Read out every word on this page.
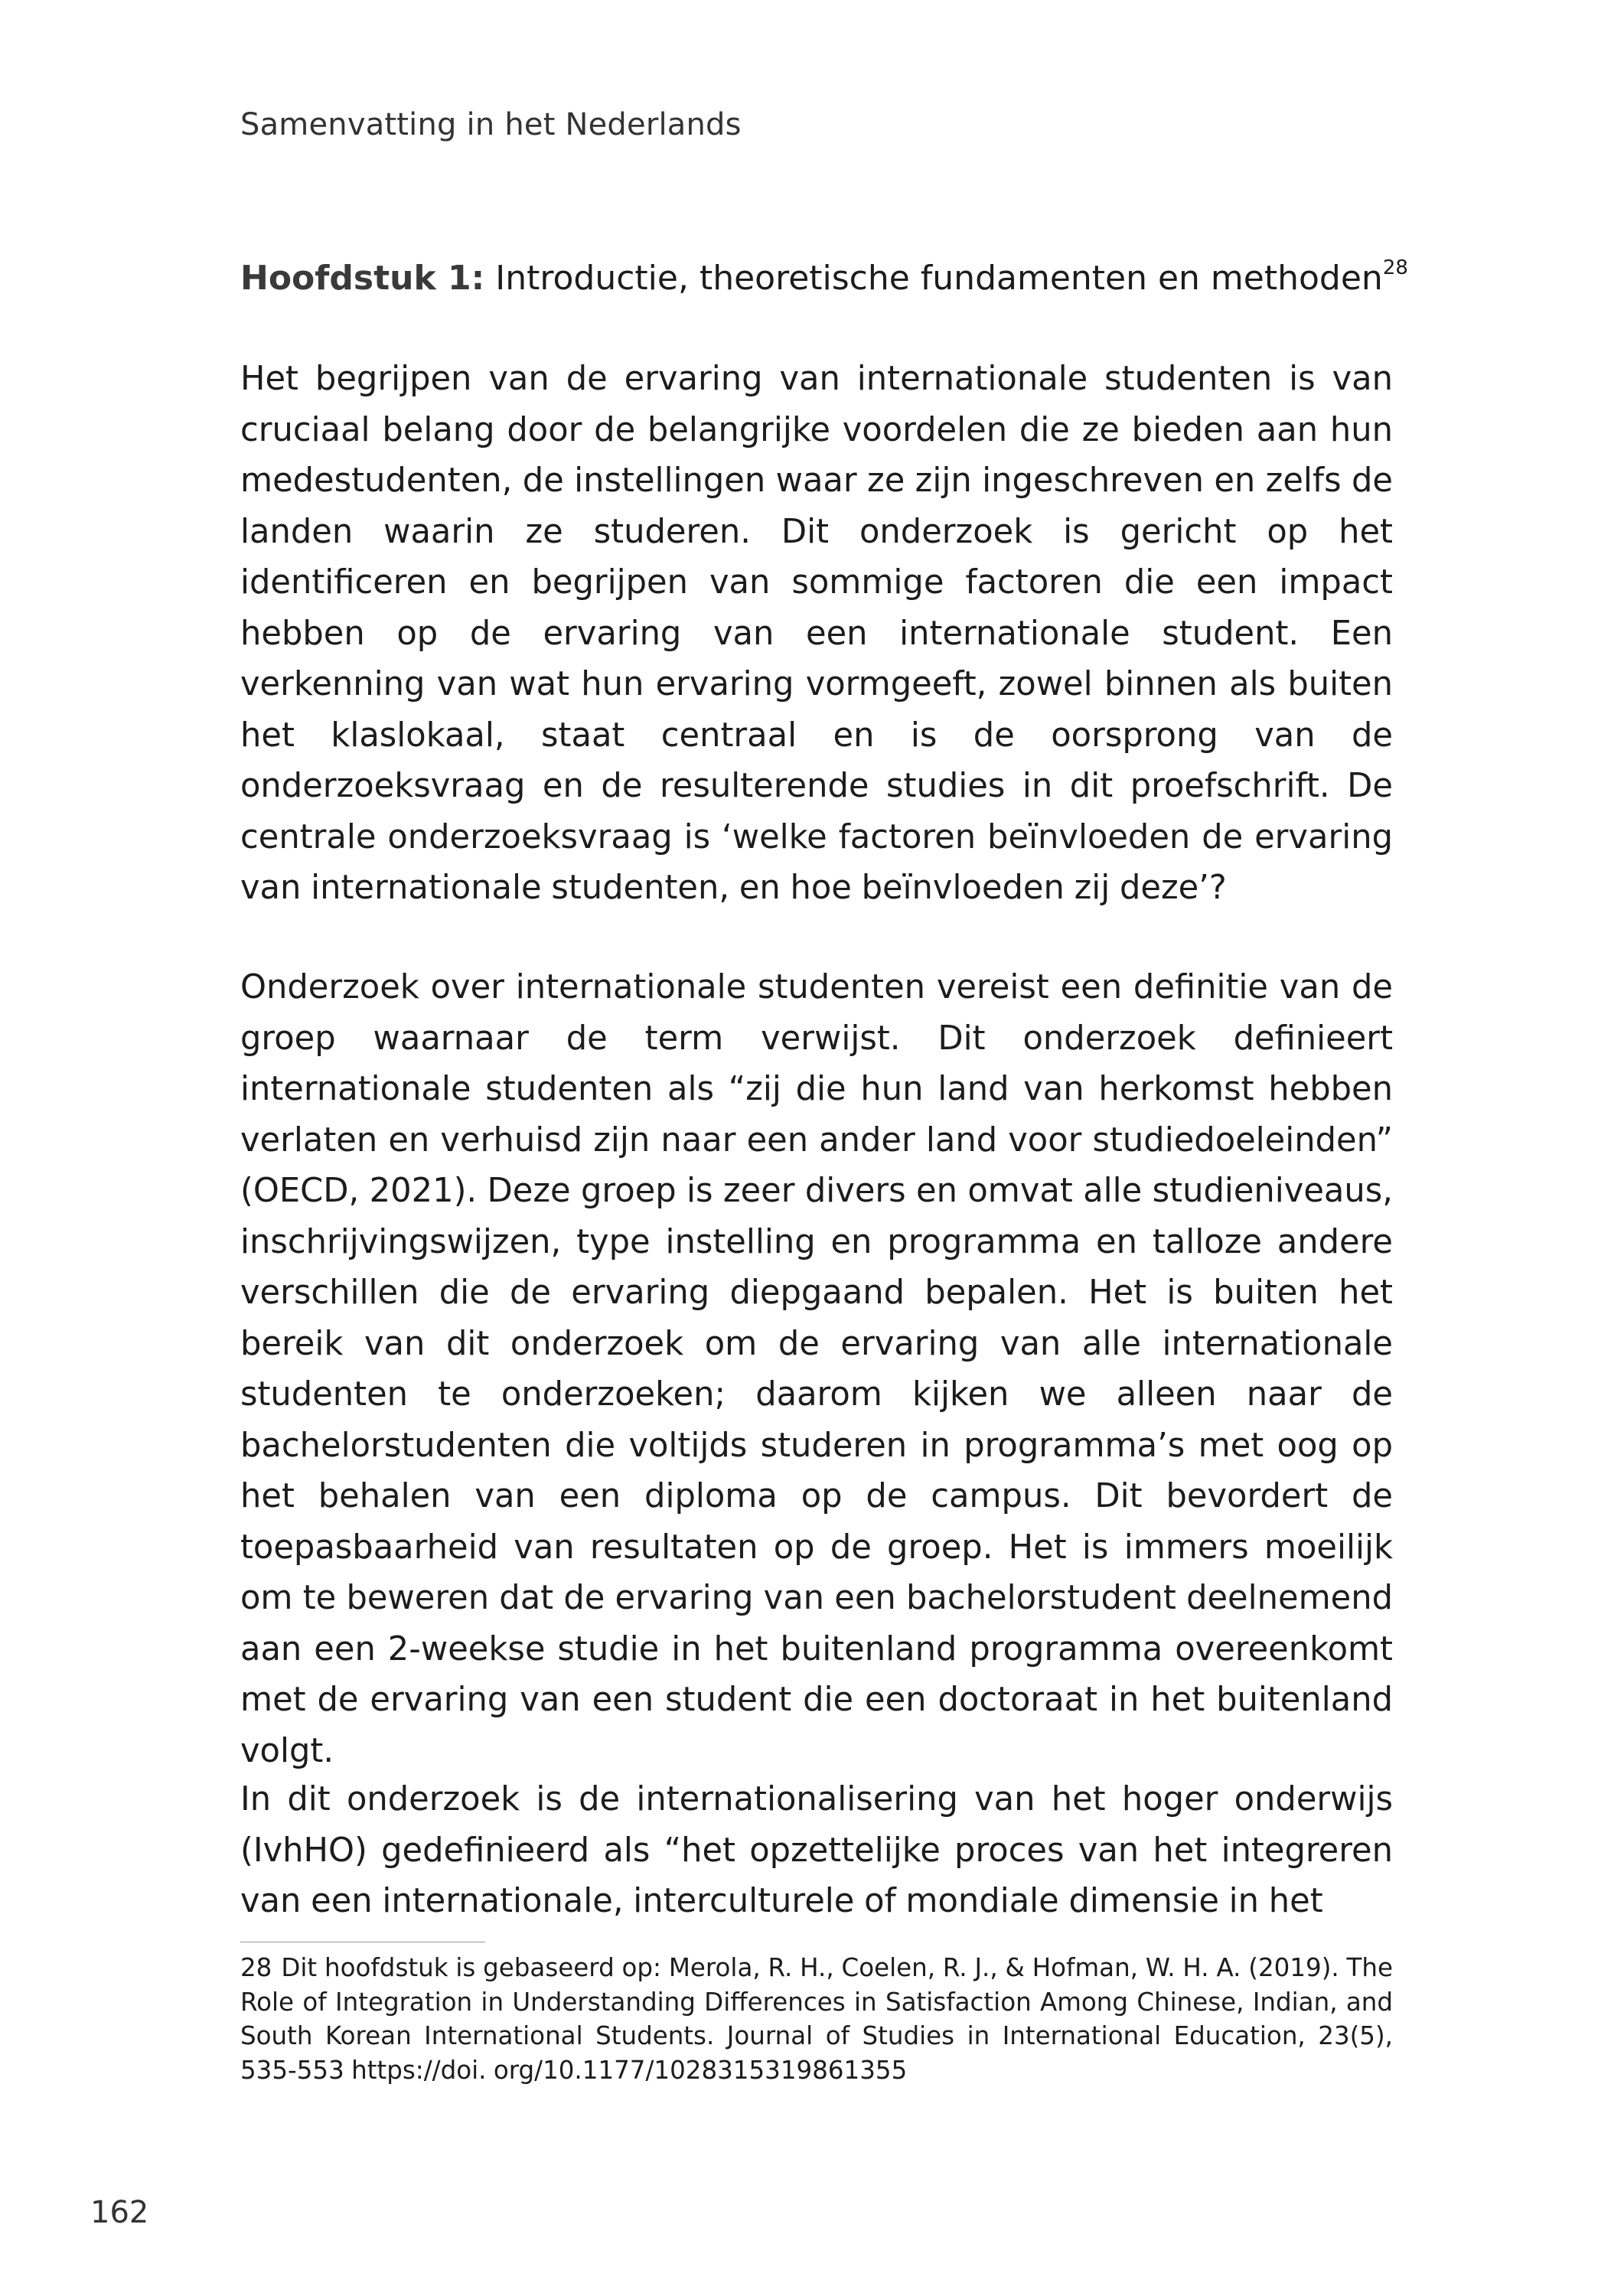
Samenvatting in het Nederlands
Hoofdstuk 1: Introductie, theoretische fundamenten en methoden$^{28}$

Het begrijpen van de ervaring van internationale studenten is van cruciaal belang door de belangrijke voordelen die ze bieden aan hun medestudenten, de instellingen waar ze zijn ingeschreven en zelfs de landen waarin ze studeren. Dit onderzoek is gericht op het identificeren en begrijpen van sommige factoren die een impact hebben op de ervaring van een internationale student. Een verkenning van wat hun ervaring vormgeeft, zowel binnen als buiten het klaslokaal, staat centraal en is de oorsprong van de onderzoeksvraag en de resulterende studies in dit proefschrift. De centrale onderzoeksvraag is ‘welke factoren beïnvloeden de ervaring van internationale studenten, en hoe beïnvloeden zij deze’?

Onderzoek over internationale studenten vereist een definitie van de groep waarnaar de term verwijst. Dit onderzoek definieert internationale studenten als “zij die hun land van herkomst hebben verlaten en verhuisd zijn naar een ander land voor studiedoeleinden” (OECD, 2021). Deze groep is zeer divers en omvat alle studieniveaus, inschrijvingswijzen, type instelling en programma en talloze andere verschillen die de ervaring diepgaand bepalen. Het is buiten het bereik van dit onderzoek om de ervaring van alle internationale studenten te onderzoeken; daarom kijken we alleen naar de bachelorstudenten die voltijds studeren in programma’s met oog op het behalen van een diploma op de campus. Dit bevordert de toepasbaarheid van resultaten op de groep. Het is immers moeilijk om te beweren dat de ervaring van een bachelorstudent deelnemend aan een 2-weekse studie in het buitenland programma overeenkomt met de ervaring van een student die een doctoraat in het buitenland volgt.

In dit onderzoek is de internationalisering van het hoger onderwijs (IvhHO) gedefinieerd als “het opzettelijke proces van het integreren van een internationale, interculturele of mondiale dimensie in het

28 Dit hoofdstuk is gebaseerd op: Merola, R. H., Coelen, R. J., & Hofman, W. H. A. (2019). The Role of Integration in Understanding Differences in Satisfaction Among Chinese, Indian, and South Korean International Students. Journal of Studies in International Education, 23(5), 535-553 https://doi. org/10.1177/1028315319861355
162
